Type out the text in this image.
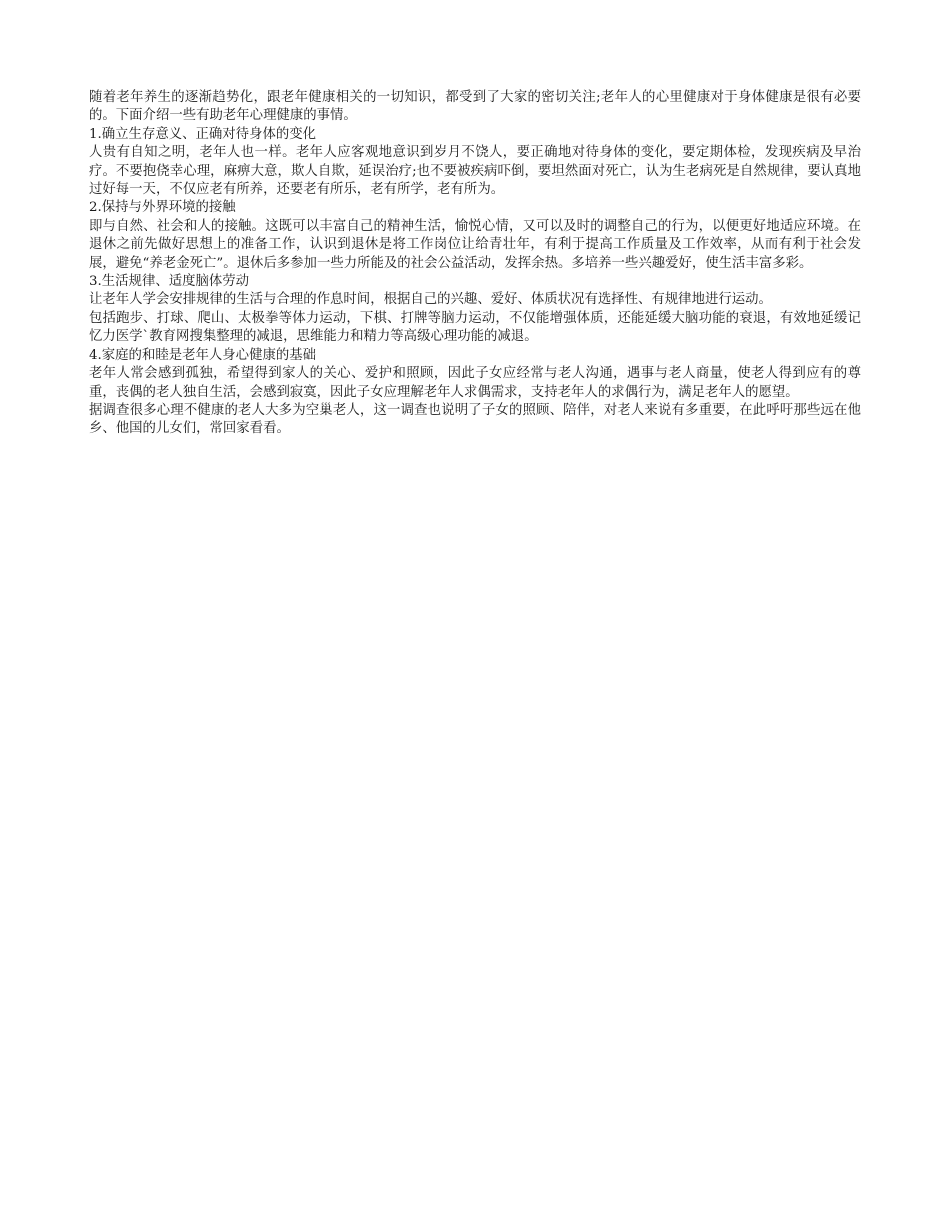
随着老年养生的逐渐趋势化，跟老年健康相关的一切知识，都受到了大家的密切关注;老年人的心里健康对于身体健康是很有必要的。下面介绍一些有助老年心理健康的事情。

1.确立生存意义、正确对待身体的变化

人贵有自知之明，老年人也一样。老年人应客观地意识到岁月不饶人，要正确地对待身体的变化，要定期体检，发现疾病及早治疗。不要抱侥幸心理，麻痹大意，欺人自欺，延误治疗;也不要被疾病吓倒，要坦然面对死亡，认为生老病死是自然规律，要认真地过好每一天，不仅应老有所养，还要老有所乐，老有所学，老有所为。

2.保持与外界环境的接触

即与自然、社会和人的接触。这既可以丰富自己的精神生活，愉悦心情，又可以及时的调整自己的行为，以便更好地适应环境。在退休之前先做好思想上的准备工作，认识到退休是将工作岗位让给青壮年，有利于提高工作质量及工作效率，从而有利于社会发展，避免“养老金死亡”。退休后多参加一些力所能及的社会公益活动，发挥余热。多培养一些兴趣爱好，使生活丰富多彩。

3.生活规律、适度脑体劳动

让老年人学会安排规律的生活与合理的作息时间，根据自己的兴趣、爱好、体质状况有选择性、有规律地进行运动。

包括跑步、打球、爬山、太极拳等体力运动，下棋、打牌等脑力运动，不仅能增强体质，还能延缓大脑功能的衰退，有效地延缓记忆力医学`教育网搜集整理的减退，思维能力和精力等高级心理功能的减退。

4.家庭的和睦是老年人身心健康的基础

老年人常会感到孤独，希望得到家人的关心、爱护和照顾，因此子女应经常与老人沟通，遇事与老人商量，使老人得到应有的尊重，丧偶的老人独自生活，会感到寂寞，因此子女应理解老年人求偶需求，支持老年人的求偶行为，满足老年人的愿望。

据调查很多心理不健康的老人大多为空巢老人，这一调查也说明了子女的照顾、陪伴，对老人来说有多重要，在此呼吁那些远在他乡、他国的儿女们，常回家看看。
